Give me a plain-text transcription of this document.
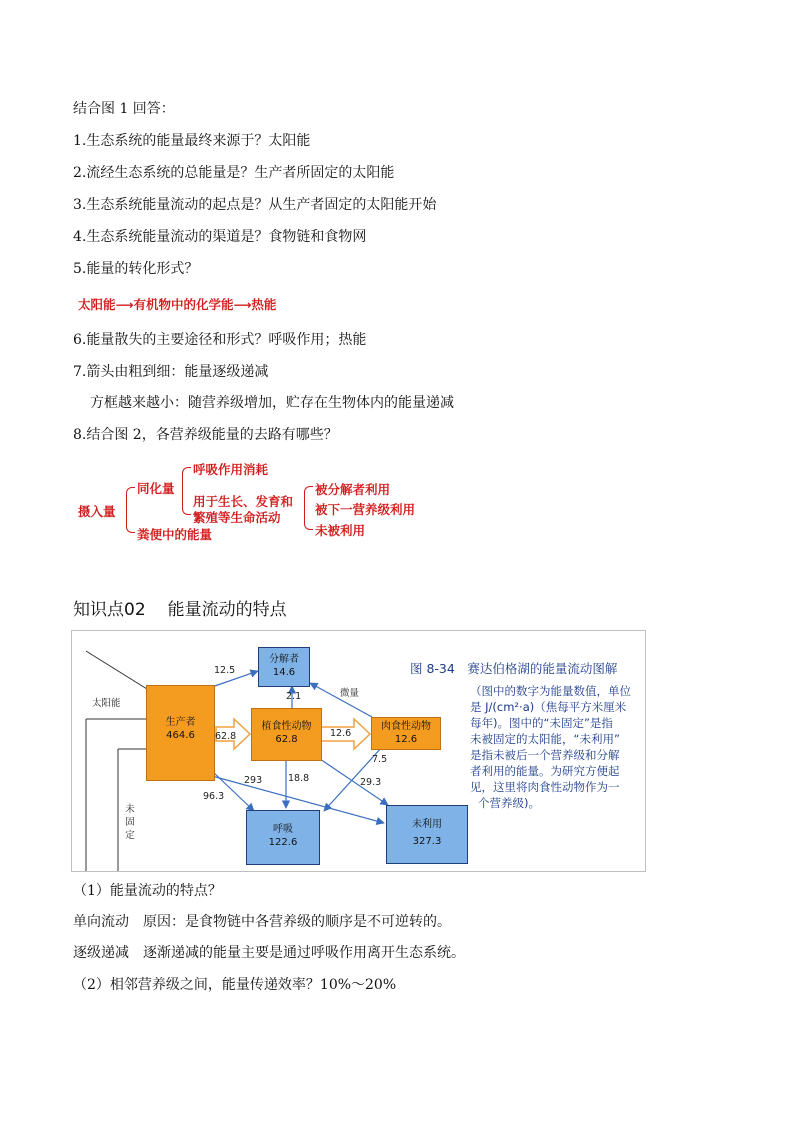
结合图 1 回答：
1.生态系统的能量最终来源于？太阳能
2.流经生态系统的总能量是？生产者所固定的太阳能
3.生态系统能量流动的起点是？从生产者固定的太阳能开始
4.生态系统能量流动的渠道是？食物链和食物网
5.能量的转化形式？
太阳能⟶有机物中的化学能⟶热能
6.能量散失的主要途径和形式？呼吸作用；热能
7.箭头由粗到细：能量逐级递减
方框越来越小：随营养级增加，贮存在生物体内的能量递减
8.结合图 2，各营养级能量的去路有哪些？
摄入量
同化量
粪便中的能量
呼吸作用消耗
用于生长、发育和
繁殖等生命活动
被分解者利用
被下一营养级利用
未被利用
知识点02 能量流动的特点
太阳能
未
固
定
生产者
464.6
植食性动物
62.8
肉食性动物
12.6
分解者
14.6
呼吸
122.6
未利用
327.3
12.5
62.8	12.6
2.1	微量
96.3
293	18.8	29.3
7.5
图 8-34　赛达伯格湖的能量流动图解
（图中的数字为能量数值，单位
是 J/(cm²·a)（焦每平方米厘米
每年)。图中的“未固定”是指
未被固定的太阳能，“未利用”
是指未被后一个营养级和分解
者利用的能量。为研究方便起
见，这里将肉食性动物作为一
个营养级)。
（1）能量流动的特点？
单向流动　原因：是食物链中各营养级的顺序是不可逆转的。
逐级递减　逐渐递减的能量主要是通过呼吸作用离开生态系统。
（2）相邻营养级之间，能量传递效率？10%～20%
